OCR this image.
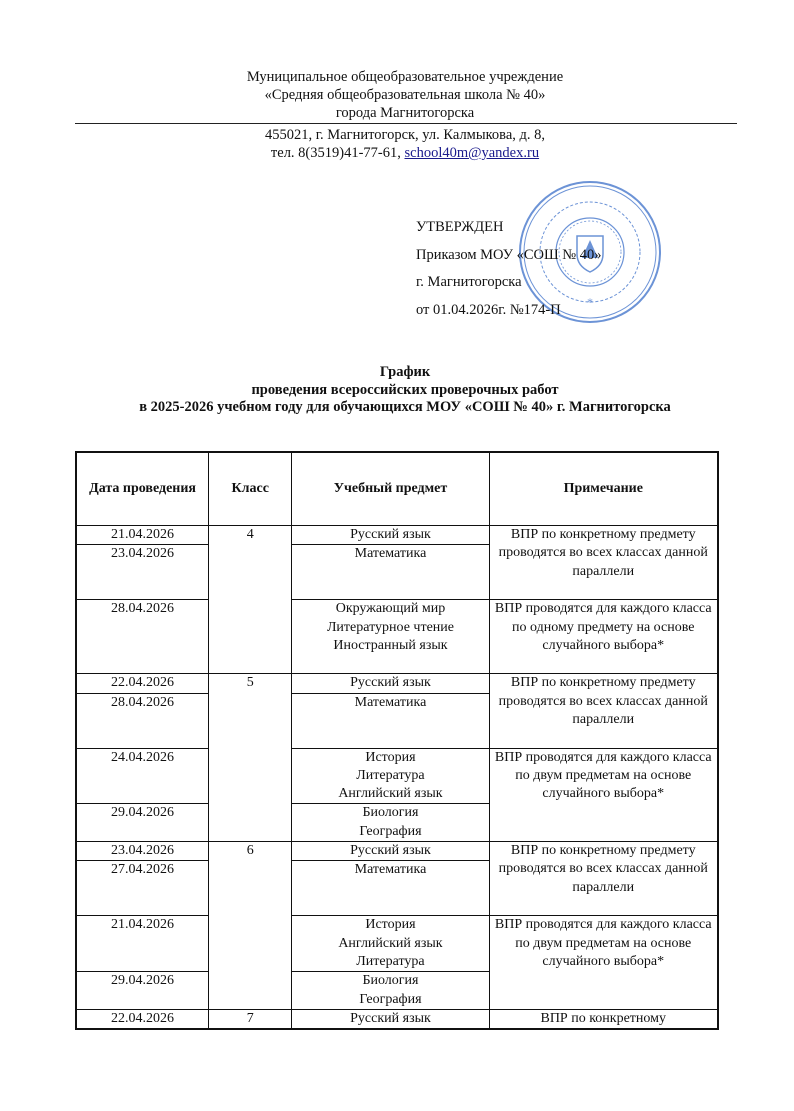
Муниципальное общеобразовательное учреждение
«Средняя общеобразовательная школа № 40»
города Магнитогорска
455021, г. Магнитогорск, ул. Калмыкова, д. 8,
тел. 8(3519)41-77-61, school40m@yandex.ru
*
УТВЕРЖДЕН
Приказом МОУ «СОШ № 40»
г. Магнитогорска
от 01.04.2026г. №174-П
График
проведения всероссийских проверочных работ
в 2025-2026 учебном году для обучающихся МОУ «СОШ № 40» г. Магнитогорска
Дата проведения	Класс	Учебный предмет	Примечание
21.04.2026	4	Русский язык	ВПР по конкретному предмету проводятся во всех классах данной параллели
23.04.2026		Математика	
28.04.2026		Окружающий мир
Литературное чтение
Иностранный язык	ВПР проводятся для каждого класса по одному предмету на основе случайного выбора*
22.04.2026	5	Русский язык	ВПР по конкретному предмету проводятся во всех классах данной параллели
28.04.2026		Математика	
24.04.2026		История
Литература
Английский язык	ВПР проводятся для каждого класса по двум предметам на основе случайного выбора*
29.04.2026		Биология
География	
23.04.2026	6	Русский язык	ВПР по конкретному предмету проводятся во всех классах данной параллели
27.04.2026		Математика	
21.04.2026		История
Английский язык
Литература	ВПР проводятся для каждого класса по двум предметам на основе случайного выбора*
29.04.2026		Биология
География	
22.04.2026	7	Русский язык	ВПР по конкретному
